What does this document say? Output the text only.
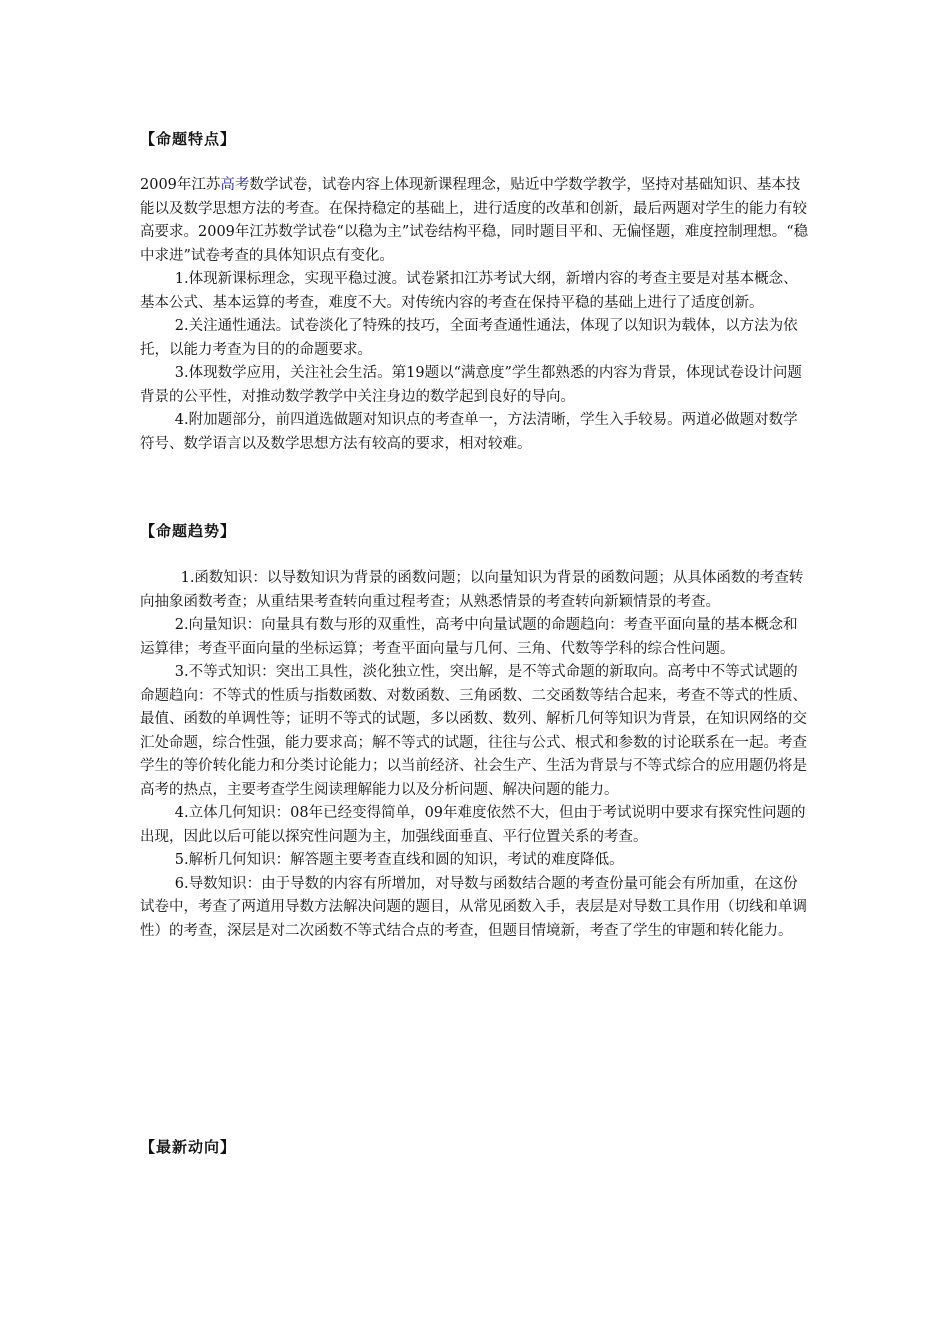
【命题特点】

2009年江苏高考数学试卷，试卷内容上体现新课程理念，贴近中学数学教学，坚持对基础知识、基本技能以及数学思想方法的考查。在保持稳定的基础上，进行适度的改革和创新，最后两题对学生的能力有较高要求。2009年江苏数学试卷“以稳为主”试卷结构平稳，同时题目平和、无偏怪题，难度控制理想。“稳中求进”试卷考查的具体知识点有变化。

1.体现新课标理念，实现平稳过渡。试卷紧扣江苏考试大纲，新增内容的考查主要是对基本概念、基本公式、基本运算的考查，难度不大。对传统内容的考查在保持平稳的基础上进行了适度创新。

2.关注通性通法。试卷淡化了特殊的技巧，全面考查通性通法，体现了以知识为载体，以方法为依托，以能力考查为目的的命题要求。

3.体现数学应用，关注社会生活。第19题以“满意度”学生都熟悉的内容为背景，体现试卷设计问题背景的公平性，对推动数学教学中关注身边的数学起到良好的导向。

4.附加题部分，前四道选做题对知识点的考查单一，方法清晰，学生入手较易。两道必做题对数学符号、数学语言以及数学思想方法有较高的要求，相对较难。

【命题趋势】

1.函数知识：以导数知识为背景的函数问题；以向量知识为背景的函数问题；从具体函数的考查转向抽象函数考查；从重结果考查转向重过程考查；从熟悉情景的考查转向新颖情景的考查。

2.向量知识：向量具有数与形的双重性，高考中向量试题的命题趋向：考查平面向量的基本概念和运算律；考查平面向量的坐标运算；考查平面向量与几何、三角、代数等学科的综合性问题。

3.不等式知识：突出工具性，淡化独立性，突出解，是不等式命题的新取向。高考中不等式试题的命题趋向：不等式的性质与指数函数、对数函数、三角函数、二交函数等结合起来，考查不等式的性质、最值、函数的单调性等；证明不等式的试题，多以函数、数列、解析几何等知识为背景，在知识网络的交汇处命题，综合性强，能力要求高；解不等式的试题，往往与公式、根式和参数的讨论联系在一起。考查学生的等价转化能力和分类讨论能力；以当前经济、社会生产、生活为背景与不等式综合的应用题仍将是高考的热点，主要考查学生阅读理解能力以及分析问题、解决问题的能力。

4.立体几何知识：08年已经变得简单，09年难度依然不大，但由于考试说明中要求有探究性问题的出现，因此以后可能以探究性问题为主，加强线面垂直、平行位置关系的考查。

5.解析几何知识：解答题主要考查直线和圆的知识，考试的难度降低。

6.导数知识：由于导数的内容有所增加，对导数与函数结合题的考查份量可能会有所加重，在这份试卷中，考查了两道用导数方法解决问题的题目，从常见函数入手，表层是对导数工具作用（切线和单调性）的考查，深层是对二次函数不等式结合点的考查，但题目情境新，考查了学生的审题和转化能力。

【最新动向】
